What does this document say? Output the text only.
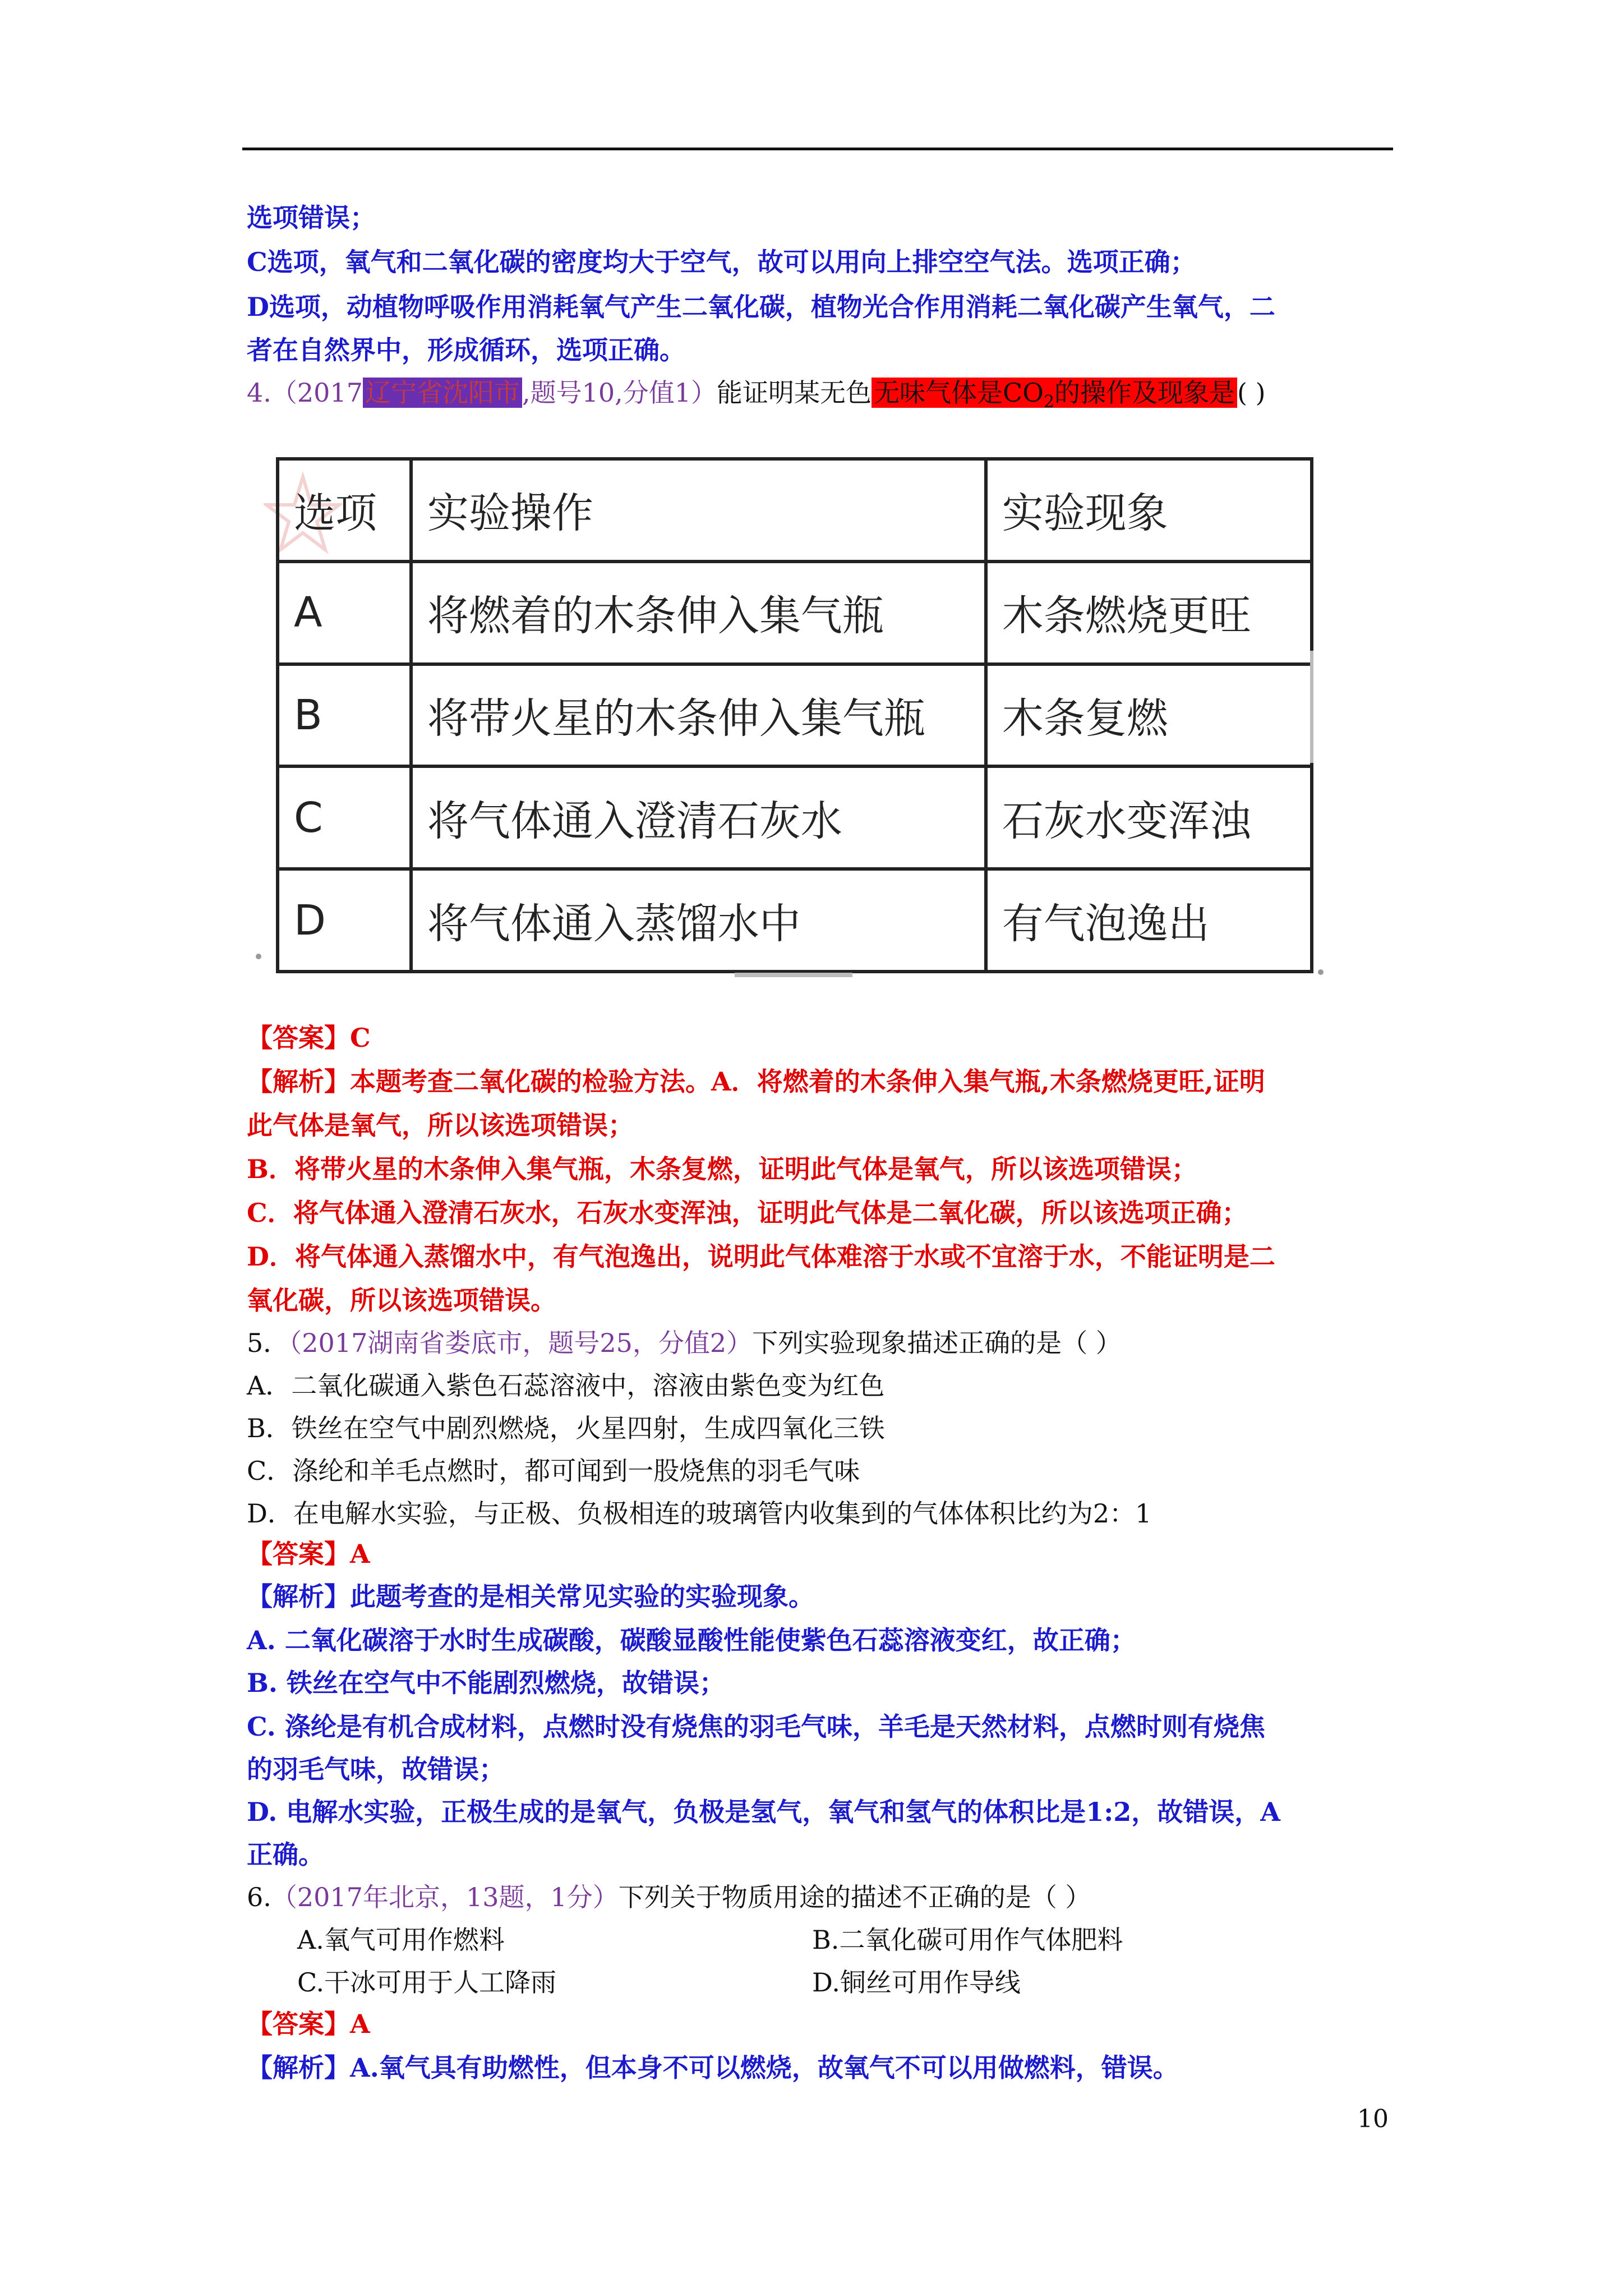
选项错误；
C选项，氧气和二氧化碳的密度均大于空气，故可以用向上排空空气法。选项正确；
D选项，动植物呼吸作用消耗氧气产生二氧化碳，植物光合作用消耗二氧化碳产生氧气，二
者在自然界中，形成循环，选项正确。
4.（2017辽宁省沈阳市,题号10,分值1）能证明某无色无味气体是$CO_2$的操作及现象是( )
选项	实验操作	实验现象
A	将燃着的木条伸入集气瓶	木条燃烧更旺
B	将带火星的木条伸入集气瓶	木条复燃
C	将气体通入澄清石灰水	石灰水变浑浊
D	将气体通入蒸馏水中	有气泡逸出
【答案】C
【解析】本题考查二氧化碳的检验方法。A．将燃着的木条伸入集气瓶,木条燃烧更旺,证明
此气体是氧气，所以该选项错误；
B．将带火星的木条伸入集气瓶，木条复燃，证明此气体是氧气，所以该选项错误；
C．将气体通入澄清石灰水，石灰水变浑浊，证明此气体是二氧化碳，所以该选项正确；
D．将气体通入蒸馏水中，有气泡逸出，说明此气体难溶于水或不宜溶于水，不能证明是二
氧化碳，所以该选项错误。
5．（2017湖南省娄底市，题号25，分值2）下列实验现象描述正确的是（ ）
A．二氧化碳通入紫色石蕊溶液中，溶液由紫色变为红色
B．铁丝在空气中剧烈燃烧，火星四射，生成四氧化三铁
C．涤纶和羊毛点燃时，都可闻到一股烧焦的羽毛气味
D．在电解水实验，与正极、负极相连的玻璃管内收集到的气体体积比约为2：1
【答案】A
【解析】此题考查的是相关常见实验的实验现象。
A. 二氧化碳溶于水时生成碳酸，碳酸显酸性能使紫色石蕊溶液变红，故正确；
B. 铁丝在空气中不能剧烈燃烧，故错误；
C. 涤纶是有机合成材料，点燃时没有烧焦的羽毛气味，羊毛是天然材料，点燃时则有烧焦
的羽毛气味，故错误；
D. 电解水实验，正极生成的是氧气，负极是氢气，氧气和氢气的体积比是1:2，故错误，A
正确。
6.（2017年北京，13题，1分）下列关于物质用途的描述不正确的是（ ）
A.氧气可用作燃料	B.二氧化碳可用作气体肥料
C.干冰可用于人工降雨	D.铜丝可用作导线
【答案】A
【解析】A.氧气具有助燃性，但本身不可以燃烧，故氧气不可以用做燃料，错误。
10
